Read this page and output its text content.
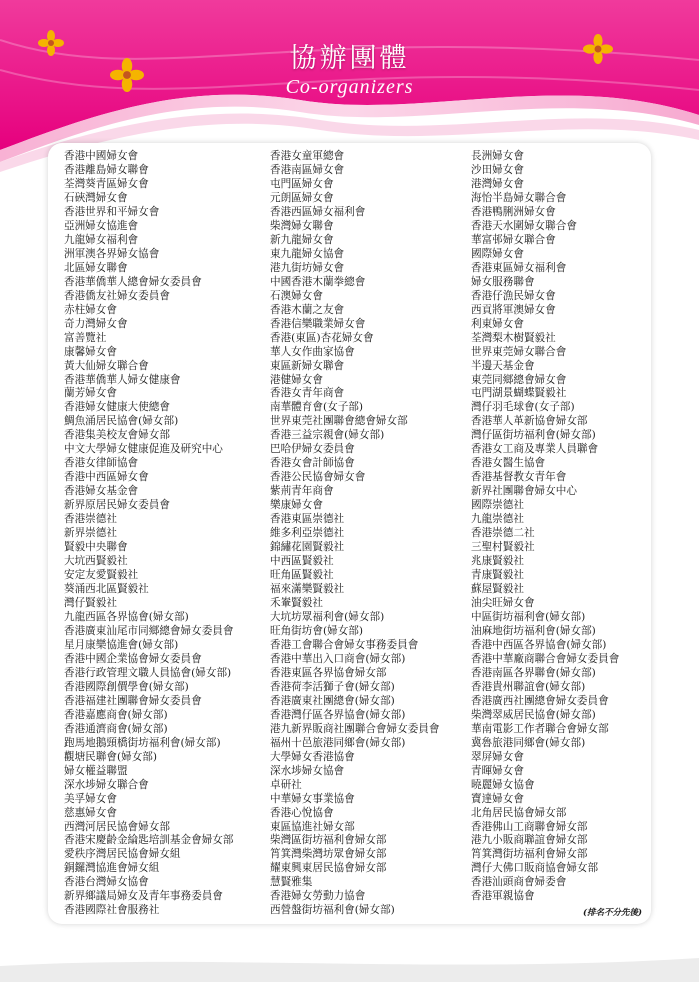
協辦團體
Co-organizers
香港中國婦女會
香港離島婦女聯會
荃灣葵青區婦女會
石硤灣婦女會
香港世界和平婦女會
亞洲婦女協進會
九龍婦女福利會
洲軍澳各界婦女協會
北區婦女聯會
香港華僑華人總會婦女委員會
香港僑友社婦女委員會
赤柱婦女會
奇力灣婦女會
富善覽社
康馨婦女會
黃大仙婦女聯合會
香港華僑華人婦女健康會
蘭芳婦女會
香港婦女健康大使總會
鯛魚涌居民協會(婦女部)
香港集美校友會婦女部
中文大學婦女健康促進及研究中心
香港女律師協會
香港中西區婦女會
香港婦女基金會
新界原居民婦女委員會
香港崇德社
新界崇德社
賢毅中央聯會
大坑西賢毅社
安定友愛賢毅社
葵涌西北區賢毅社
灣仔賢毅社
九龍西區各界協會(婦女部)
香港廣東汕尾市同鄉總會婦女委員會
星月康樂協進會(婦女部)
香港中國企業協會婦女委員會
香港行政管理文職人員協會(婦女部)
香港國際創價學會(婦女部)
香港福建社團聯會婦女委員會
香港嘉應商會(婦女部)
香港通濟商會(婦女部)
跑馬地鵝頸橋街坊福利會(婦女部)
觀塘民聯會(婦女部)
婦女權益聯盟
深水埗婦女聯合會
美孚婦女會
慈惠婦女會
西灣河居民協會婦女部
香港宋慶齡金綸匙培訓基金會婦女部
愛秩序灣居民協會婦女組
銅鑼灣協進會婦女組
香港台灣婦女協會
新界鄉議局婦女及青年事務委員會
香港國際社會服務社
香港女童軍總會
香港南區婦女會
屯門區婦女會
元朗區婦女會
香港西區婦女福利會
柴灣婦女聯會
新九龍婦女會
東九龍婦女協會
港九街坊婦女會
中國香港木蘭拳總會
石澳婦女會
香港木蘭之友會
香港信樂職業婦女會
香港(東區)杏花婦女會
華人女作曲家協會
東區新婦女聯會
港健婦女會
香港女青年商會
南華體育會(女子部)
世界東莞社團聯會總會婦女部
香港三益宗親會(婦女部)
巴哈伊婦女委員會
香港女會計師協會
香港公民協會婦女會
紫荊青年商會
樂康婦女會
香港東區崇德社
維多利亞崇德社
錦繡花園賢毅社
中西區賢毅社
旺角區賢毅社
福來滿樂賢毅社
禾輋賢毅社
大坑坊眾福利會(婦女部)
旺角街坊會(婦女部)
香港工會聯合會婦女事務委員會
香港中華出入口商會(婦女部)
香港東區各界協會婦女部
香港荷李活獅子會(婦女部)
香港廣東社團總會(婦女部)
香港灣仔區各界協會(婦女部)
港九新界販商社團聯合會婦女委員會
福州十邑旅港同鄉會(婦女部)
大學婦女香港協會
深水埗婦女協會
卓研社
中華婦女事業協會
香港心悅協會
東區協進社婦女部
柴灣區街坊福利會婦女部
筲箕灣柴灣坊眾會婦女部
耀東興東居民協會婦女部
慧賢雅集
香港婦女勞動力協會
西營盤街坊福利會(婦女部)
長洲婦女會
沙田婦女會
港灣婦女會
海怡半島婦女聯合會
香港鴨脷洲婦女會
香港天水圍婦女聯合會
華富邨婦女聯合會
國際婦女會
香港東區婦女福利會
婦女服務聯會
香港仔漁民婦女會
西貢將軍澳婦女會
利東婦女會
荃灣梨木樹賢毅社
世界東莞婦女聯合會
半邊天基金會
東莞同鄉總會婦女會
屯門湖景蝴蝶賢毅社
灣仔羽毛球會(女子部)
香港華人革新協會婦女部
灣仔區街坊福利會(婦女部)
香港女工商及專業人員聯會
香港女醫生協會
香港基督教女青年會
新界社團聯會婦女中心
國際崇德社
九龍崇德社
香港崇德二社
三聖村賢毅社
兆康賢毅社
青康賢毅社
蘇屋賢毅社
油尖旺婦女會
中區街坊福利會(婦女部)
油麻地街坊福利會(婦女部)
香港中西區各界協會(婦女部)
香港中華廠商聯合會婦女委員會
香港南區各界聯會(婦女部)
香港貴州聯誼會(婦女部)
香港廣西社團總會婦女委員會
柴灣翠威居民協會(婦女部)
華南電影工作者聯合會婦女部
冀魯旅港同鄉會(婦女部)
翠屏婦女會
青暉婦女會
曉麗婦女協會
寶達婦女會
北角居民協會婦女部
香港佛山工商聯會婦女部
港九小販商聯誼會婦女部
筲箕灣街坊福利會婦女部
灣仔大佛口販商協會婦女部
香港汕頭商會婦委會
香港軍親協會
(排名不分先後)
